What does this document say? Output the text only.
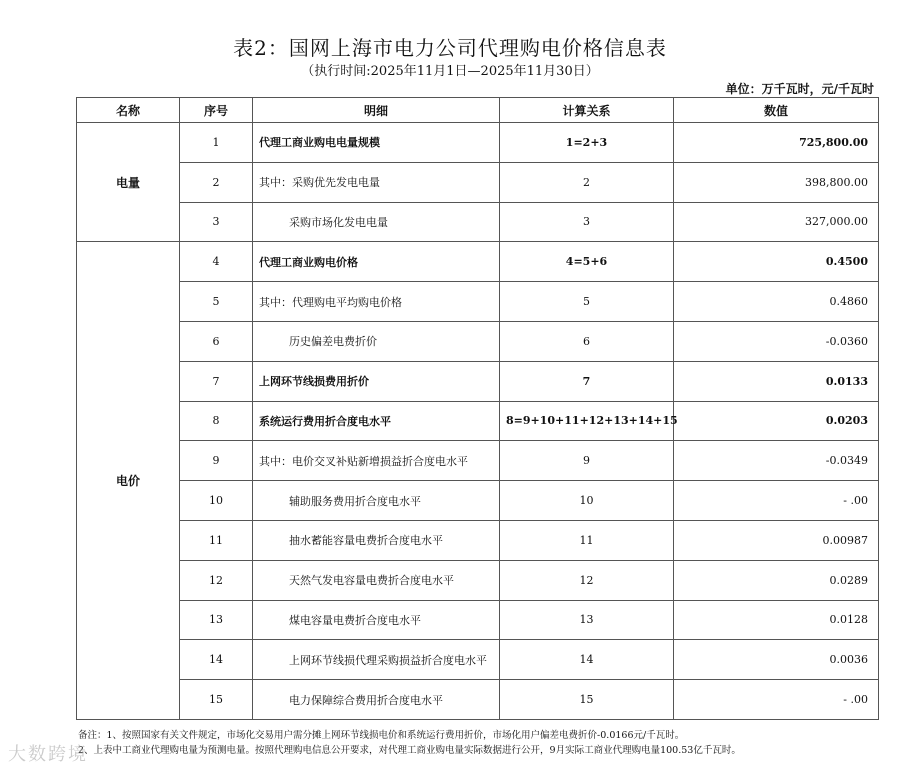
表2：国网上海市电力公司代理购电价格信息表
（执行时间:2025年11月1日—2025年11月30日）
单位：万千瓦时，元/千瓦时
名称	序号	明细	计算关系	数值
电量	1	代理工商业购电电量规模	1=2+3	725,800.00
	2	其中：采购优先发电电量	2	398,800.00
	3	采购市场化发电电量	3	327,000.00
电价	4	代理工商业购电价格	4=5+6	0.4500
	5	其中：代理购电平均购电价格	5	0.4860
	6	历史偏差电费折价	6	-0.0360
	7	上网环节线损费用折价	7	0.0133
	8	系统运行费用折合度电水平	8=9+10+11+12+13+14+15	0.0203
	9	其中：电价交叉补贴新增损益折合度电水平	9	-0.0349
	10	辅助服务费用折合度电水平	10	- .00
	11	抽水蓄能容量电费折合度电水平	11	0.00987
	12	天然气发电容量电费折合度电水平	12	0.0289
	13	煤电容量电费折合度电水平	13	0.0128
	14	上网环节线损代理采购损益折合度电水平	14	0.0036
	15	电力保障综合费用折合度电水平	15	- .00
备注：1、按照国家有关文件规定，市场化交易用户需分摊上网环节线损电价和系统运行费用折价，市场化用户偏差电费折价-0.0166元/千瓦时。
2、上表中工商业代理购电量为预测电量。按照代理购电信息公开要求，对代理工商业购电量实际数据进行公开，9月实际工商业代理购电量100.53亿千瓦时。
大数跨境
